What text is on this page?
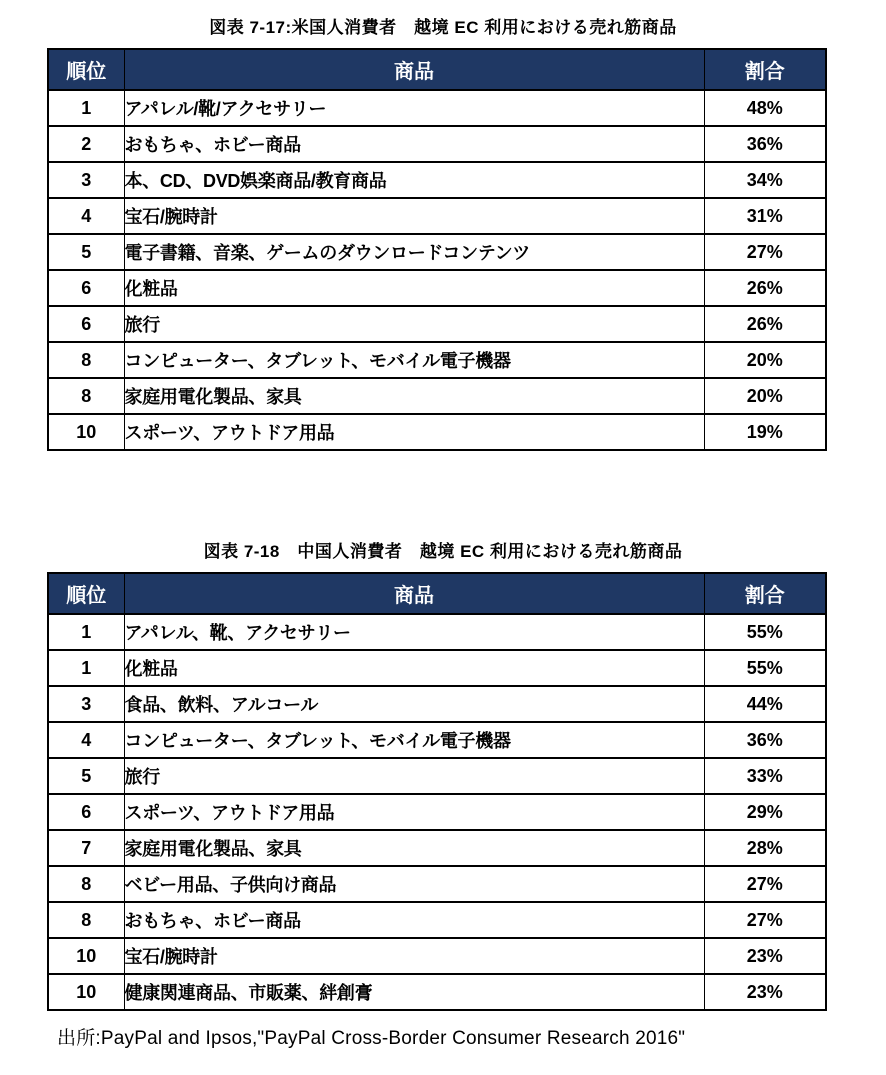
図表 7-17:米国人消費者　越境 EC 利用における売れ筋商品
順位	商品	割合
1	アパレル/靴/アクセサリー	48%
2	おもちゃ、ホビー商品	36%
3	本、CD、DVD娯楽商品/教育商品	34%
4	宝石/腕時計	31%
5	電子書籍、音楽、ゲームのダウンロードコンテンツ	27%
6	化粧品	26%
6	旅行	26%
8	コンピューター、タブレット、モバイル電子機器	20%
8	家庭用電化製品、家具	20%
10	スポーツ、アウトドア用品	19%
図表 7-18　中国人消費者　越境 EC 利用における売れ筋商品
順位	商品	割合
1	アパレル、靴、アクセサリー	55%
1	化粧品	55%
3	食品、飲料、アルコール	44%
4	コンピューター、タブレット、モバイル電子機器	36%
5	旅行	33%
6	スポーツ、アウトドア用品	29%
7	家庭用電化製品、家具	28%
8	ベビー用品、子供向け商品	27%
8	おもちゃ、ホビー商品	27%
10	宝石/腕時計	23%
10	健康関連商品、市販薬、絆創膏	23%
出所:PayPal and Ipsos,"PayPal Cross-Border Consumer Research 2016"
